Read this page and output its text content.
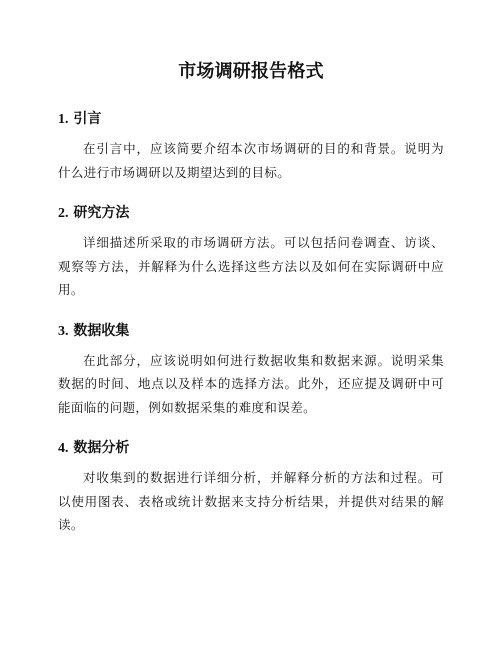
市场调研报告格式
1. 引言

在引言中，应该简要介绍本次市场调研的目的和背景。说明为什么进行市场调研以及期望达到的目标。

2. 研究方法

详细描述所采取的市场调研方法。可以包括问卷调查、访谈、观察等方法，并解释为什么选择这些方法以及如何在实际调研中应用。

3. 数据收集

在此部分，应该说明如何进行数据收集和数据来源。说明采集数据的时间、地点以及样本的选择方法。此外，还应提及调研中可能面临的问题，例如数据采集的难度和误差。

4. 数据分析

对收集到的数据进行详细分析，并解释分析的方法和过程。可以使用图表、表格或统计数据来支持分析结果，并提供对结果的解读。
